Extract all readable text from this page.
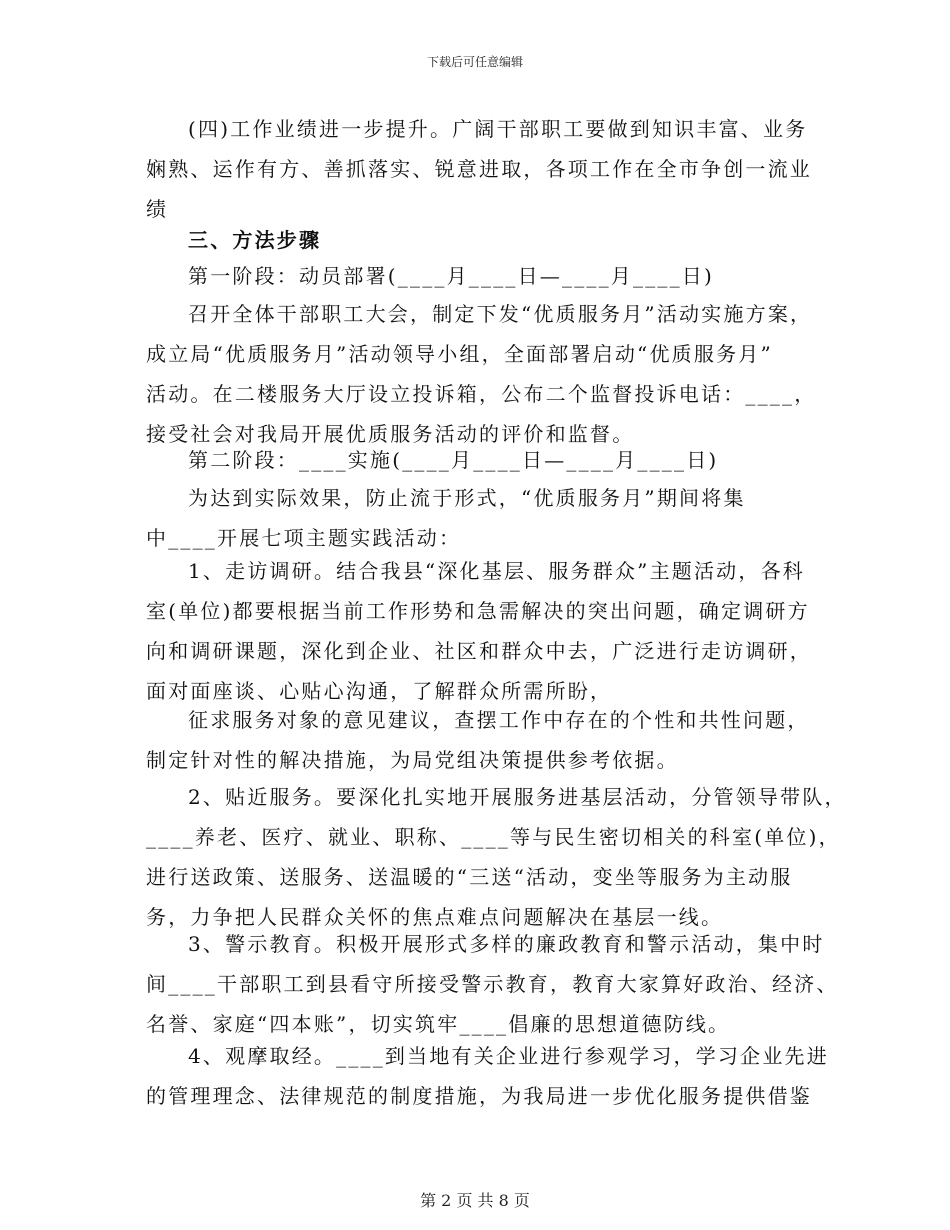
下载后可任意编辑
(四)工作业绩进一步提升。广阔干部职工要做到知识丰富、业务
娴熟、运作有方、善抓落实、锐意进取，各项工作在全市争创一流业
绩
三、方法步骤
第一阶段：动员部署(____月____日—____月____日)
召开全体干部职工大会，制定下发“优质服务月”活动实施方案，
成立局“优质服务月”活动领导小组，全面部署启动“优质服务月”
活动。在二楼服务大厅设立投诉箱，公布二个监督投诉电话：____，
接受社会对我局开展优质服务活动的评价和监督。
第二阶段：____实施(____月____日—____月____日)
为达到实际效果，防止流于形式，“优质服务月”期间将集
中____开展七项主题实践活动：
1、走访调研。结合我县“深化基层、服务群众”主题活动，各科
室(单位)都要根据当前工作形势和急需解决的突出问题，确定调研方
向和调研课题，深化到企业、社区和群众中去，广泛进行走访调研，
面对面座谈、心贴心沟通，了解群众所需所盼，
征求服务对象的意见建议，查摆工作中存在的个性和共性问题，
制定针对性的解决措施，为局党组决策提供参考依据。
2、贴近服务。要深化扎实地开展服务进基层活动，分管领导带队，
____养老、医疗、就业、职称、____等与民生密切相关的科室(单位)，
进行送政策、送服务、送温暖的“三送“活动，变坐等服务为主动服
务，力争把人民群众关怀的焦点难点问题解决在基层一线。
3、警示教育。积极开展形式多样的廉政教育和警示活动，集中时
间____干部职工到县看守所接受警示教育，教育大家算好政治、经济、
名誉、家庭“四本账”，切实筑牢____倡廉的思想道德防线。
4、观摩取经。____到当地有关企业进行参观学习，学习企业先进
的管理理念、法律规范的制度措施，为我局进一步优化服务提供借鉴
第 2 页 共 8 页
